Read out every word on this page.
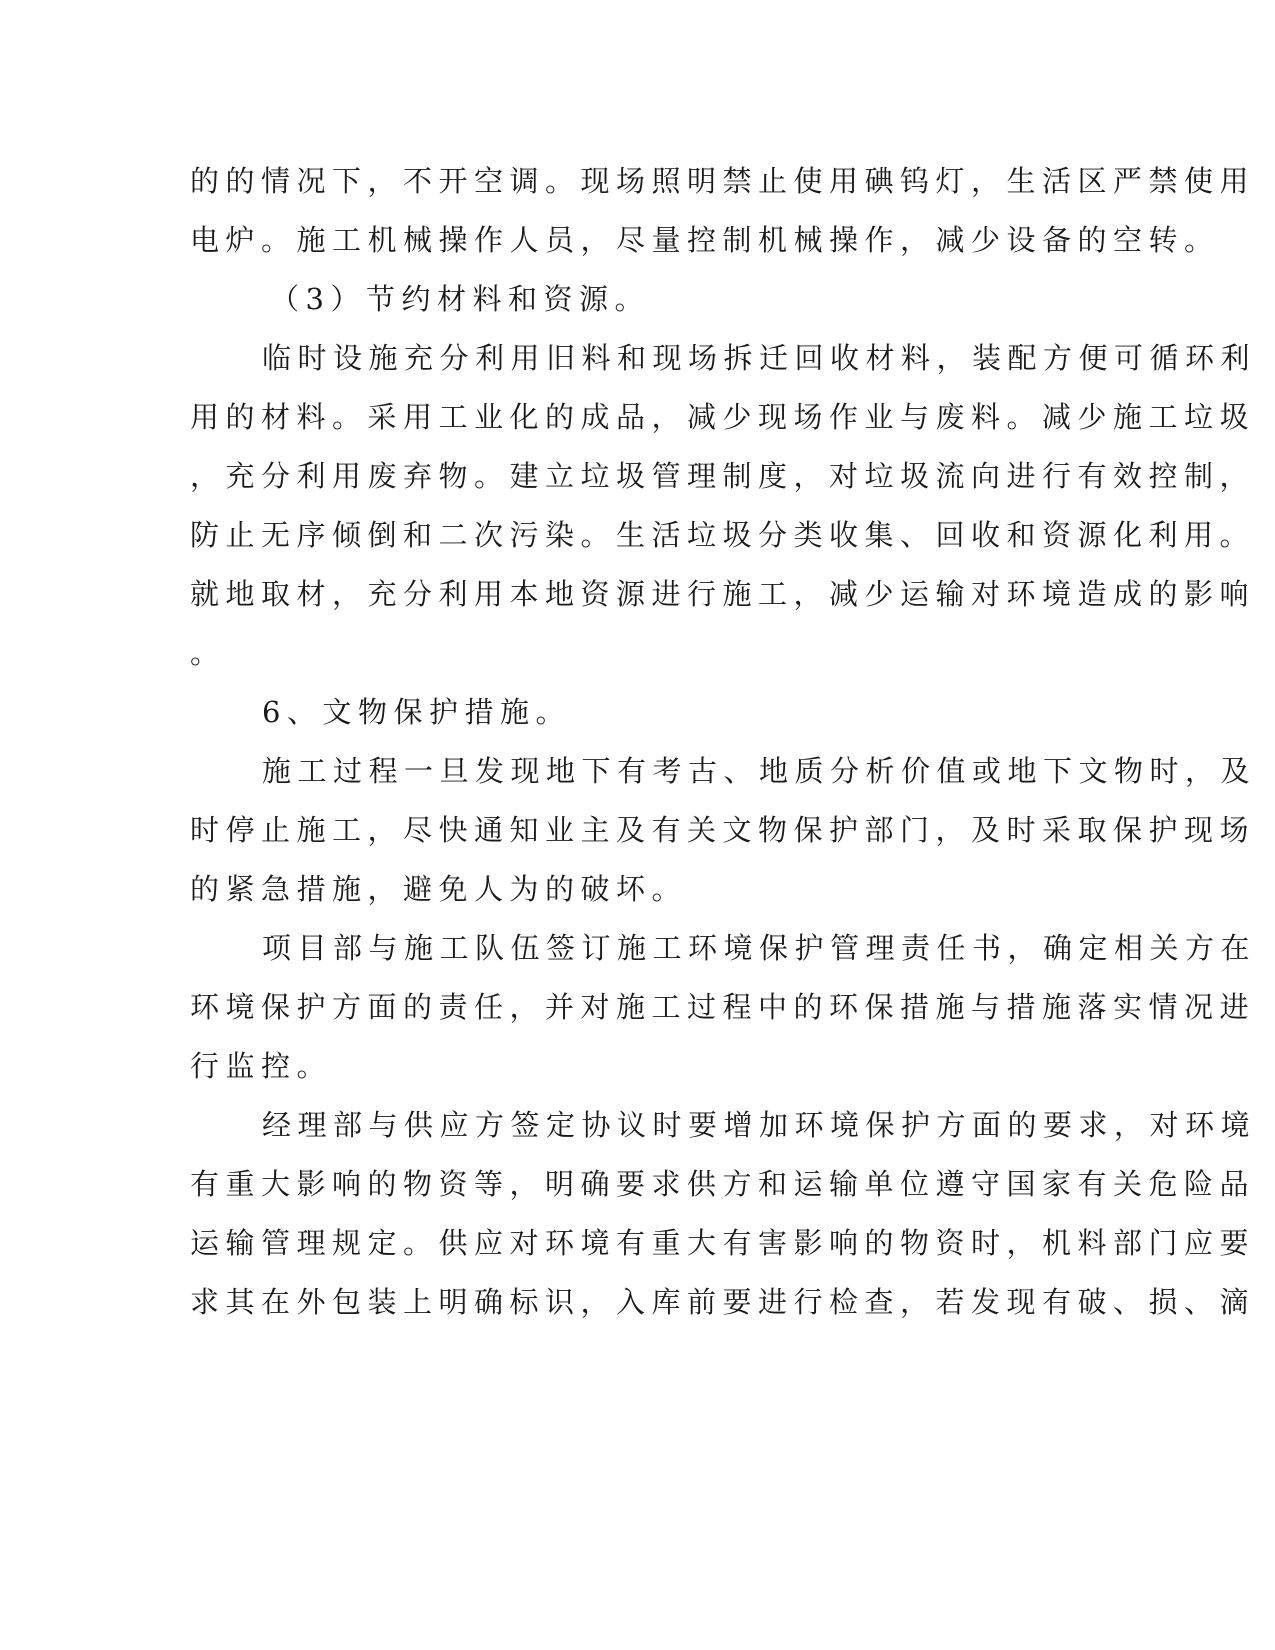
的的情况下，不开空调。现场照明禁止使用碘钨灯，生活区严禁使用
电炉。施工机械操作人员，尽量控制机械操作，减少设备的空转。
（3）节约材料和资源。
临时设施充分利用旧料和现场拆迁回收材料，装配方便可循环利
用的材料。采用工业化的成品，减少现场作业与废料。减少施工垃圾
，充分利用废弃物。建立垃圾管理制度，对垃圾流向进行有效控制，
防止无序倾倒和二次污染。生活垃圾分类收集、回收和资源化利用。
就地取材，充分利用本地资源进行施工，减少运输对环境造成的影响
。
6、文物保护措施。
施工过程一旦发现地下有考古、地质分析价值或地下文物时，及
时停止施工，尽快通知业主及有关文物保护部门，及时采取保护现场
的紧急措施，避免人为的破坏。
项目部与施工队伍签订施工环境保护管理责任书，确定相关方在
环境保护方面的责任，并对施工过程中的环保措施与措施落实情况进
行监控。
经理部与供应方签定协议时要增加环境保护方面的要求，对环境
有重大影响的物资等，明确要求供方和运输单位遵守国家有关危险品
运输管理规定。供应对环境有重大有害影响的物资时，机料部门应要
求其在外包装上明确标识，入库前要进行检查，若发现有破、损、滴
